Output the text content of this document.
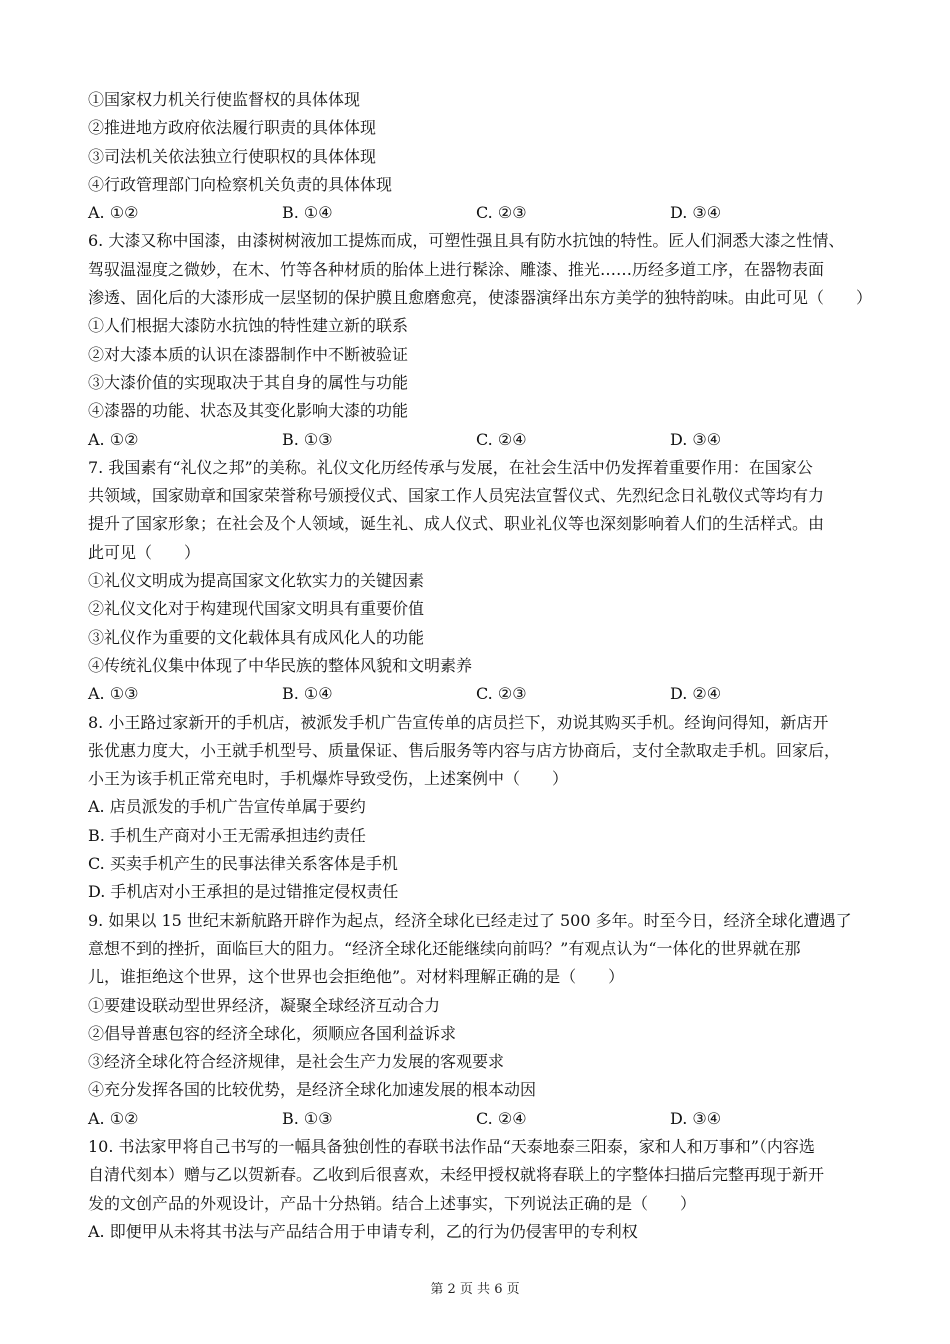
①国家权力机关行使监督权的具体体现
②推进地方政府依法履行职责的具体体现
③司法机关依法独立行使职权的具体体现
④行政管理部门向检察机关负责的具体体现
A. ①②	B. ①④	C. ②③	D. ③④
6. 大漆又称中国漆，由漆树树液加工提炼而成，可塑性强且具有防水抗蚀的特性。匠人们洞悉大漆之性情、
驾驭温湿度之微妙，在木、竹等各种材质的胎体上进行髹涂、雕漆、推光……历经多道工序，在器物表面
渗透、固化后的大漆形成一层坚韧的保护膜且愈磨愈亮，使漆器演绎出东方美学的独特韵味。由此可见（　　）
①人们根据大漆防水抗蚀的特性建立新的联系
②对大漆本质的认识在漆器制作中不断被验证
③大漆价值的实现取决于其自身的属性与功能
④漆器的功能、状态及其变化影响大漆的功能
A. ①②	B. ①③	C. ②④	D. ③④
7. 我国素有“礼仪之邦”的美称。礼仪文化历经传承与发展，在社会生活中仍发挥着重要作用：在国家公
共领域，国家勋章和国家荣誉称号颁授仪式、国家工作人员宪法宣誓仪式、先烈纪念日礼敬仪式等均有力
提升了国家形象；在社会及个人领域，诞生礼、成人仪式、职业礼仪等也深刻影响着人们的生活样式。由
此可见（　　）
①礼仪文明成为提高国家文化软实力的关键因素
②礼仪文化对于构建现代国家文明具有重要价值
③礼仪作为重要的文化载体具有成风化人的功能
④传统礼仪集中体现了中华民族的整体风貌和文明素养
A. ①③	B. ①④	C. ②③	D. ②④
8. 小王路过家新开的手机店，被派发手机广告宣传单的店员拦下，劝说其购买手机。经询问得知，新店开
张优惠力度大，小王就手机型号、质量保证、售后服务等内容与店方协商后，支付全款取走手机。回家后，
小王为该手机正常充电时，手机爆炸导致受伤，上述案例中（　　）
A. 店员派发的手机广告宣传单属于要约
B. 手机生产商对小王无需承担违约责任
C. 买卖手机产生的民事法律关系客体是手机
D. 手机店对小王承担的是过错推定侵权责任
9. 如果以 15 世纪末新航路开辟作为起点，经济全球化已经走过了 500 多年。时至今日，经济全球化遭遇了
意想不到的挫折，面临巨大的阻力。“经济全球化还能继续向前吗？”有观点认为“一体化的世界就在那
儿，谁拒绝这个世界，这个世界也会拒绝他”。对材料理解正确的是（　　）
①要建设联动型世界经济，凝聚全球经济互动合力
②倡导普惠包容的经济全球化，须顺应各国利益诉求
③经济全球化符合经济规律，是社会生产力发展的客观要求
④充分发挥各国的比较优势，是经济全球化加速发展的根本动因
A. ①②	B. ①③	C. ②④	D. ③④
10. 书法家甲将自己书写的一幅具备独创性的春联书法作品“天泰地泰三阳泰，家和人和万事和”（内容选
自清代刻本）赠与乙以贺新春。乙收到后很喜欢，未经甲授权就将春联上的字整体扫描后完整再现于新开
发的文创产品的外观设计，产品十分热销。结合上述事实，下列说法正确的是（　　）
A. 即便甲从未将其书法与产品结合用于申请专利，乙的行为仍侵害甲的专利权
第 2 页 共 6 页
